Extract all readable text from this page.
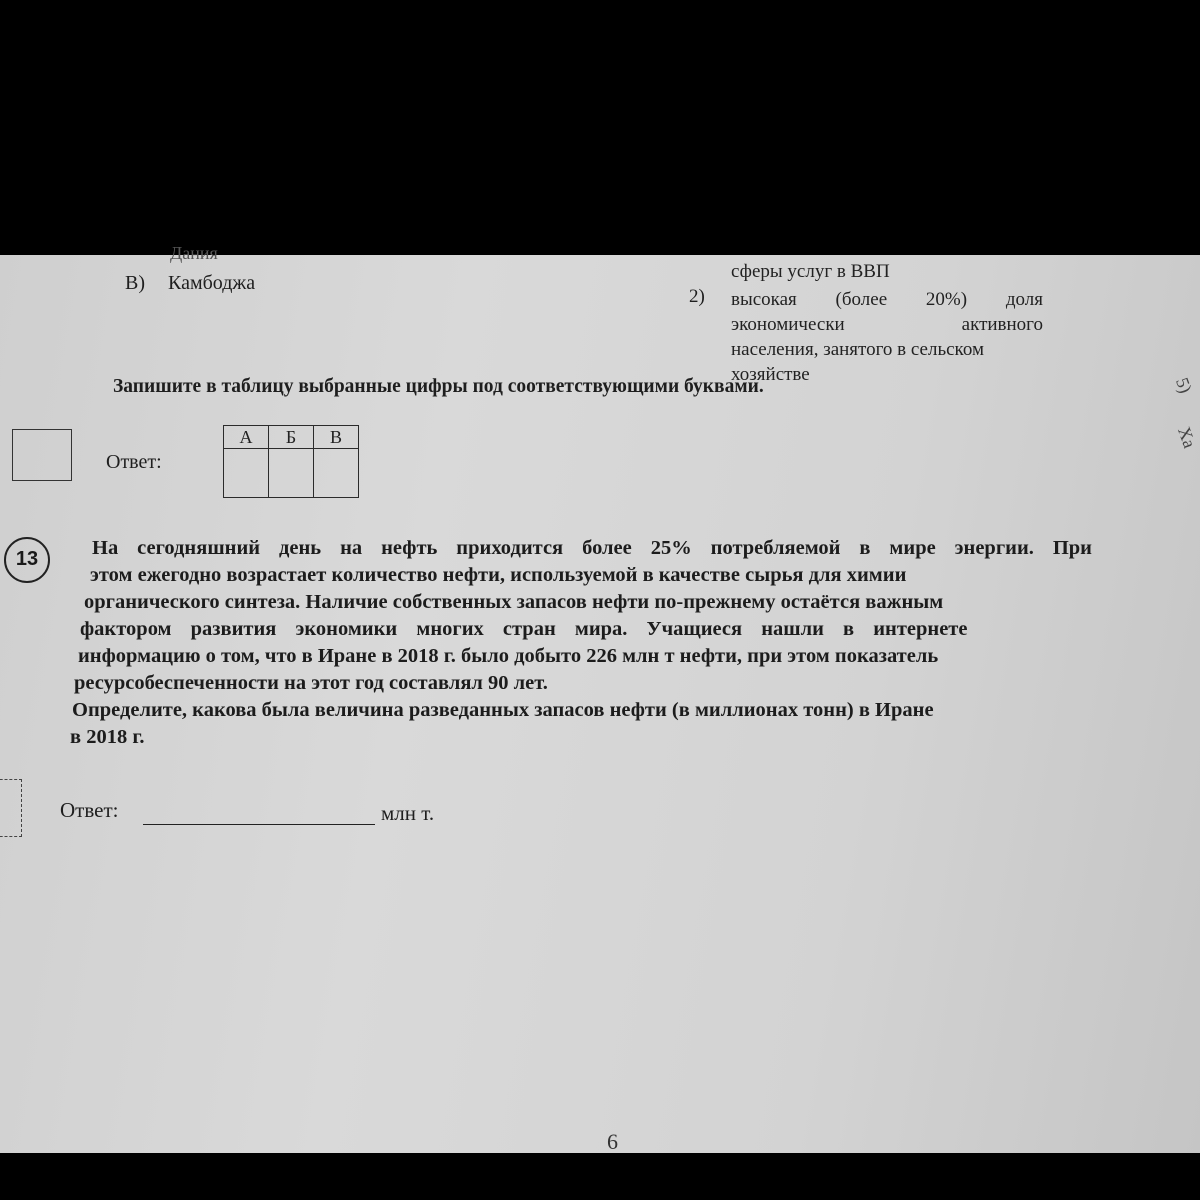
Дания
В) Камбоджа
сферы услуг в ВВП
2) высокая (более 20%) доля
экономически активного
населения, занятого в сельском
хозяйстве
Запишите в таблицу выбранные цифры под соответствующими буквами.
Ответ:
А	Б	В

13	На сегодняшний день на нефть приходится более 25% потребляемой в мире энергии. При
этом ежегодно возрастает количество нефти, используемой в качестве сырья для химии
органического синтеза. Наличие собственных запасов нефти по-прежнему остаётся важным
фактором развития экономики многих стран мира. Учащиеся нашли в интернете
информацию о том, что в Иране в 2018 г. было добыто 226 млн т нефти, при этом показатель
ресурсобеспеченности на этот год составлял 90 лет.
Определите, какова была величина разведанных запасов нефти (в миллионах тонн) в Иране
в 2018 г.
Ответ:	млн т.
5)
Ха
6
